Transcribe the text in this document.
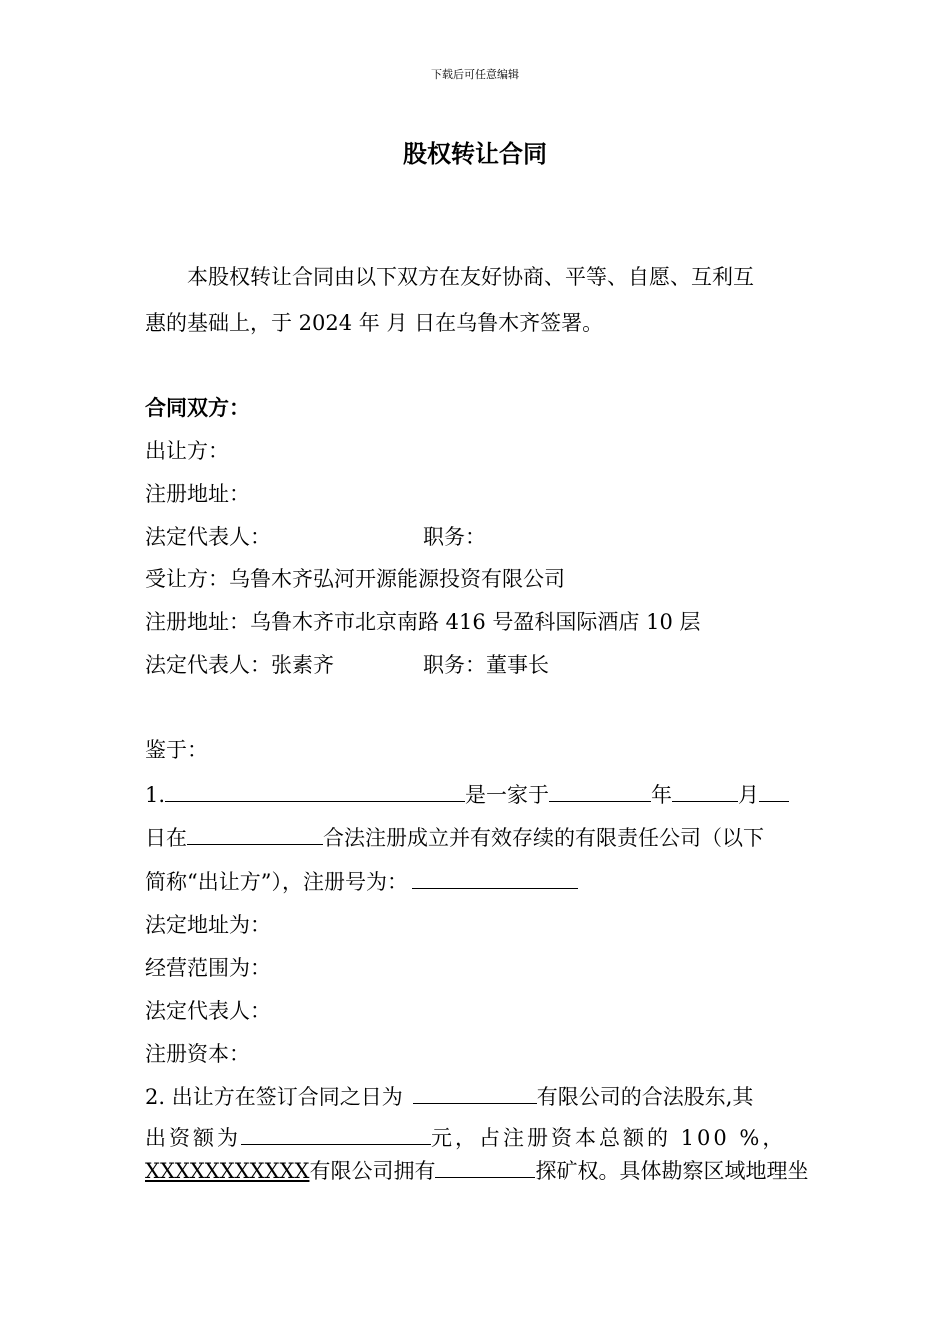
下载后可任意编辑
股权转让合同
本股权转让合同由以下双方在友好协商、平等、自愿、互利互
惠的基础上，于 2024 年 月 日在乌鲁木齐签署。
合同双方：
出让方：
注册地址：
法定代表人：	职务：
受让方：乌鲁木齐弘河开源能源投资有限公司
注册地址：乌鲁木齐市北京南路 416 号盈科国际酒店 10 层
法定代表人：张素齐	职务：董事长
鉴于：
1.	是一家于	年	月
日在	合法注册成立并有效存续的有限责任公司（以下
简称“出让方”），注册号为：
法定地址为：
经营范围为：
法定代表人：
注册资本：
2. 出让方在签订合同之日为	有限公司的合法股东,其
出资额为	元，占注册资本总额的 100 %，
XXXXXXXXXXX有限公司拥有	探矿权。具体勘察区域地理坐
